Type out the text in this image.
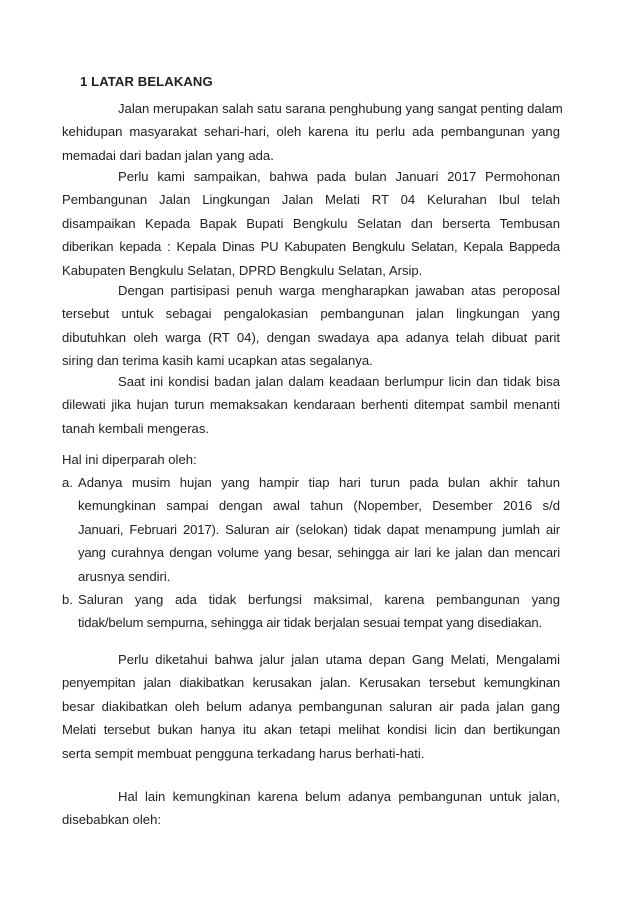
1 LATAR BELAKANG
Jalan merupakan salah satu sarana penghubung yang sangat penting dalam
kehidupan masyarakat sehari-hari, oleh karena itu perlu ada pembangunan yang
memadai dari badan jalan yang ada.
Perlu kami sampaikan, bahwa pada bulan Januari 2017 Permohonan
Pembangunan Jalan Lingkungan Jalan Melati RT 04 Kelurahan Ibul telah
disampaikan Kepada Bapak Bupati Bengkulu Selatan dan berserta Tembusan
diberikan kepada : Kepala Dinas PU Kabupaten Bengkulu Selatan, Kepala Bappeda
Kabupaten Bengkulu Selatan, DPRD Bengkulu Selatan, Arsip.
Dengan partisipasi penuh warga mengharapkan jawaban atas peroposal
tersebut untuk sebagai pengalokasian pembangunan jalan lingkungan yang
dibutuhkan oleh warga (RT 04), dengan swadaya apa adanya telah dibuat parit
siring dan terima kasih kami ucapkan atas segalanya.
Saat ini kondisi badan jalan dalam keadaan berlumpur licin dan tidak bisa
dilewati jika hujan turun memaksakan kendaraan berhenti ditempat sambil menanti
tanah kembali mengeras.
Hal ini diperparah oleh:
a. Adanya musim hujan yang hampir tiap hari turun pada bulan akhir tahun
kemungkinan sampai dengan awal tahun (Nopember, Desember 2016 s/d
Januari, Februari 2017). Saluran air (selokan) tidak dapat menampung jumlah air
yang curahnya dengan volume yang besar, sehingga air lari ke jalan dan mencari
arusnya sendiri.
b. Saluran yang ada tidak berfungsi maksimal, karena pembangunan yang
tidak/belum sempurna, sehingga air tidak berjalan sesuai tempat yang disediakan.
Perlu diketahui bahwa jalur jalan utama depan Gang Melati, Mengalami
penyempitan jalan diakibatkan kerusakan jalan. Kerusakan tersebut kemungkinan
besar diakibatkan oleh belum adanya pembangunan saluran air pada jalan gang
Melati tersebut bukan hanya itu akan tetapi melihat kondisi licin dan bertikungan
serta sempit membuat pengguna terkadang harus berhati-hati.
Hal lain kemungkinan karena belum adanya pembangunan untuk jalan,
disebabkan oleh:
